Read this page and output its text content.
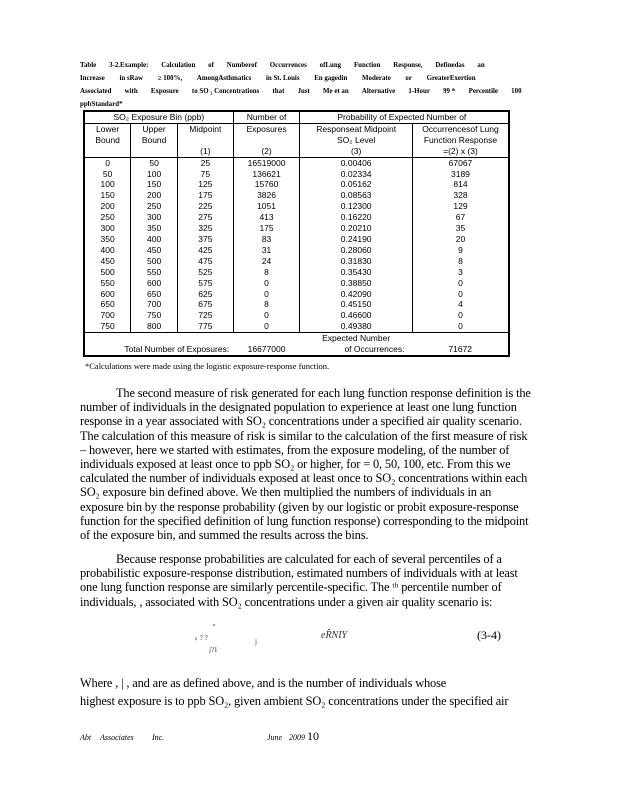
Table 3-2.Example: Calculation of Numberof Occurrences ofLung Function Response, Definedas an
Increase in sRaw ≥ 100%, AmongAsthmatics in St. Louis En gagedin Moderate or GreaterExertion
Associated with Exposure to SO ₂ Concentrations that Just Me et an Alternative 1-Hour 99 ᵗʰ Percentile 100
ppbStandard*
SO₂ Exposure Bin (ppb)			Number of	Probability of Expec	ted Number of
Lower	Upper	Midpoint	Exposures	Responseat Midpoint	Occurrencesof Lung
Bound	Bound			SO₂ Level	Function Response
		(1)	(2)	(3)	=(2) x (3)
0	50	25	16519000	0.00406	67067
50	100	75	136621	0.02334	3189
100	150	125	15760	0.05162	814
150	200	175	3826	0.08563	328
200	250	225	1051	0.12300	129
250	300	275	413	0.16220	67
300	350	325	175	0.20210	35
350	400	375	83	0.24190	20
400	450	425	31	0.28060	9
450	500	475	24	0.31830	8
500	550	525	8	0.35430	3
550	600	575	0	0.38850	0
600	650	625	0	0.42090	0
650	700	675	8	0.45150	4
700	750	725	0	0.46600	0
750	800	775	0	0.49380	0
				Expected Number	
Total Number of Exposures:			16677000	of Occurrences:	71672
*Calculations were made using the logistic exposure-response function.
The second measure of risk generated for each lung function response definition is the
number of individuals in the designated population to experience at least one lung function
response in a year associated with SO₂ concentrations under a specified air quality scenario.
The calculation of this measure of risk is similar to the calculation of the first measure of risk
– however, here we started with estimates, from the exposure modeling, of the number of
individuals exposed at least once to ppb SO₂ or higher, for = 0, 50, 100, etc. From this we
calculated the number of individuals exposed at least once to SO₂ concentrations within each
SO₂ exposure bin defined above. We then multiplied the numbers of individuals in an
exposure bin by the response probability (given by our logistic or probit exposure-response
function for the specified definition of lung function response) corresponding to the midpoint
of the exposure bin, and summed the results across the bins.
Because response probabilities are calculated for each of several percentiles of a
probabilistic exposure-response distribution, estimated numbers of individuals with at least
one lung function response are similarly percentile-specific. The ᵗʰ percentile number of
individuals, , associated with SO₂ concentrations under a given air quality scenario is:
ₖ ? ?
ⁿ
j?1
j
eR̂NIY	(3-4)
Where , | , and are as defined above, and is the number of individuals whose
highest exposure is to ppb SO₂, given ambient SO₂ concentrations under the specified air
Abt Associates Inc.	June 2009 10
